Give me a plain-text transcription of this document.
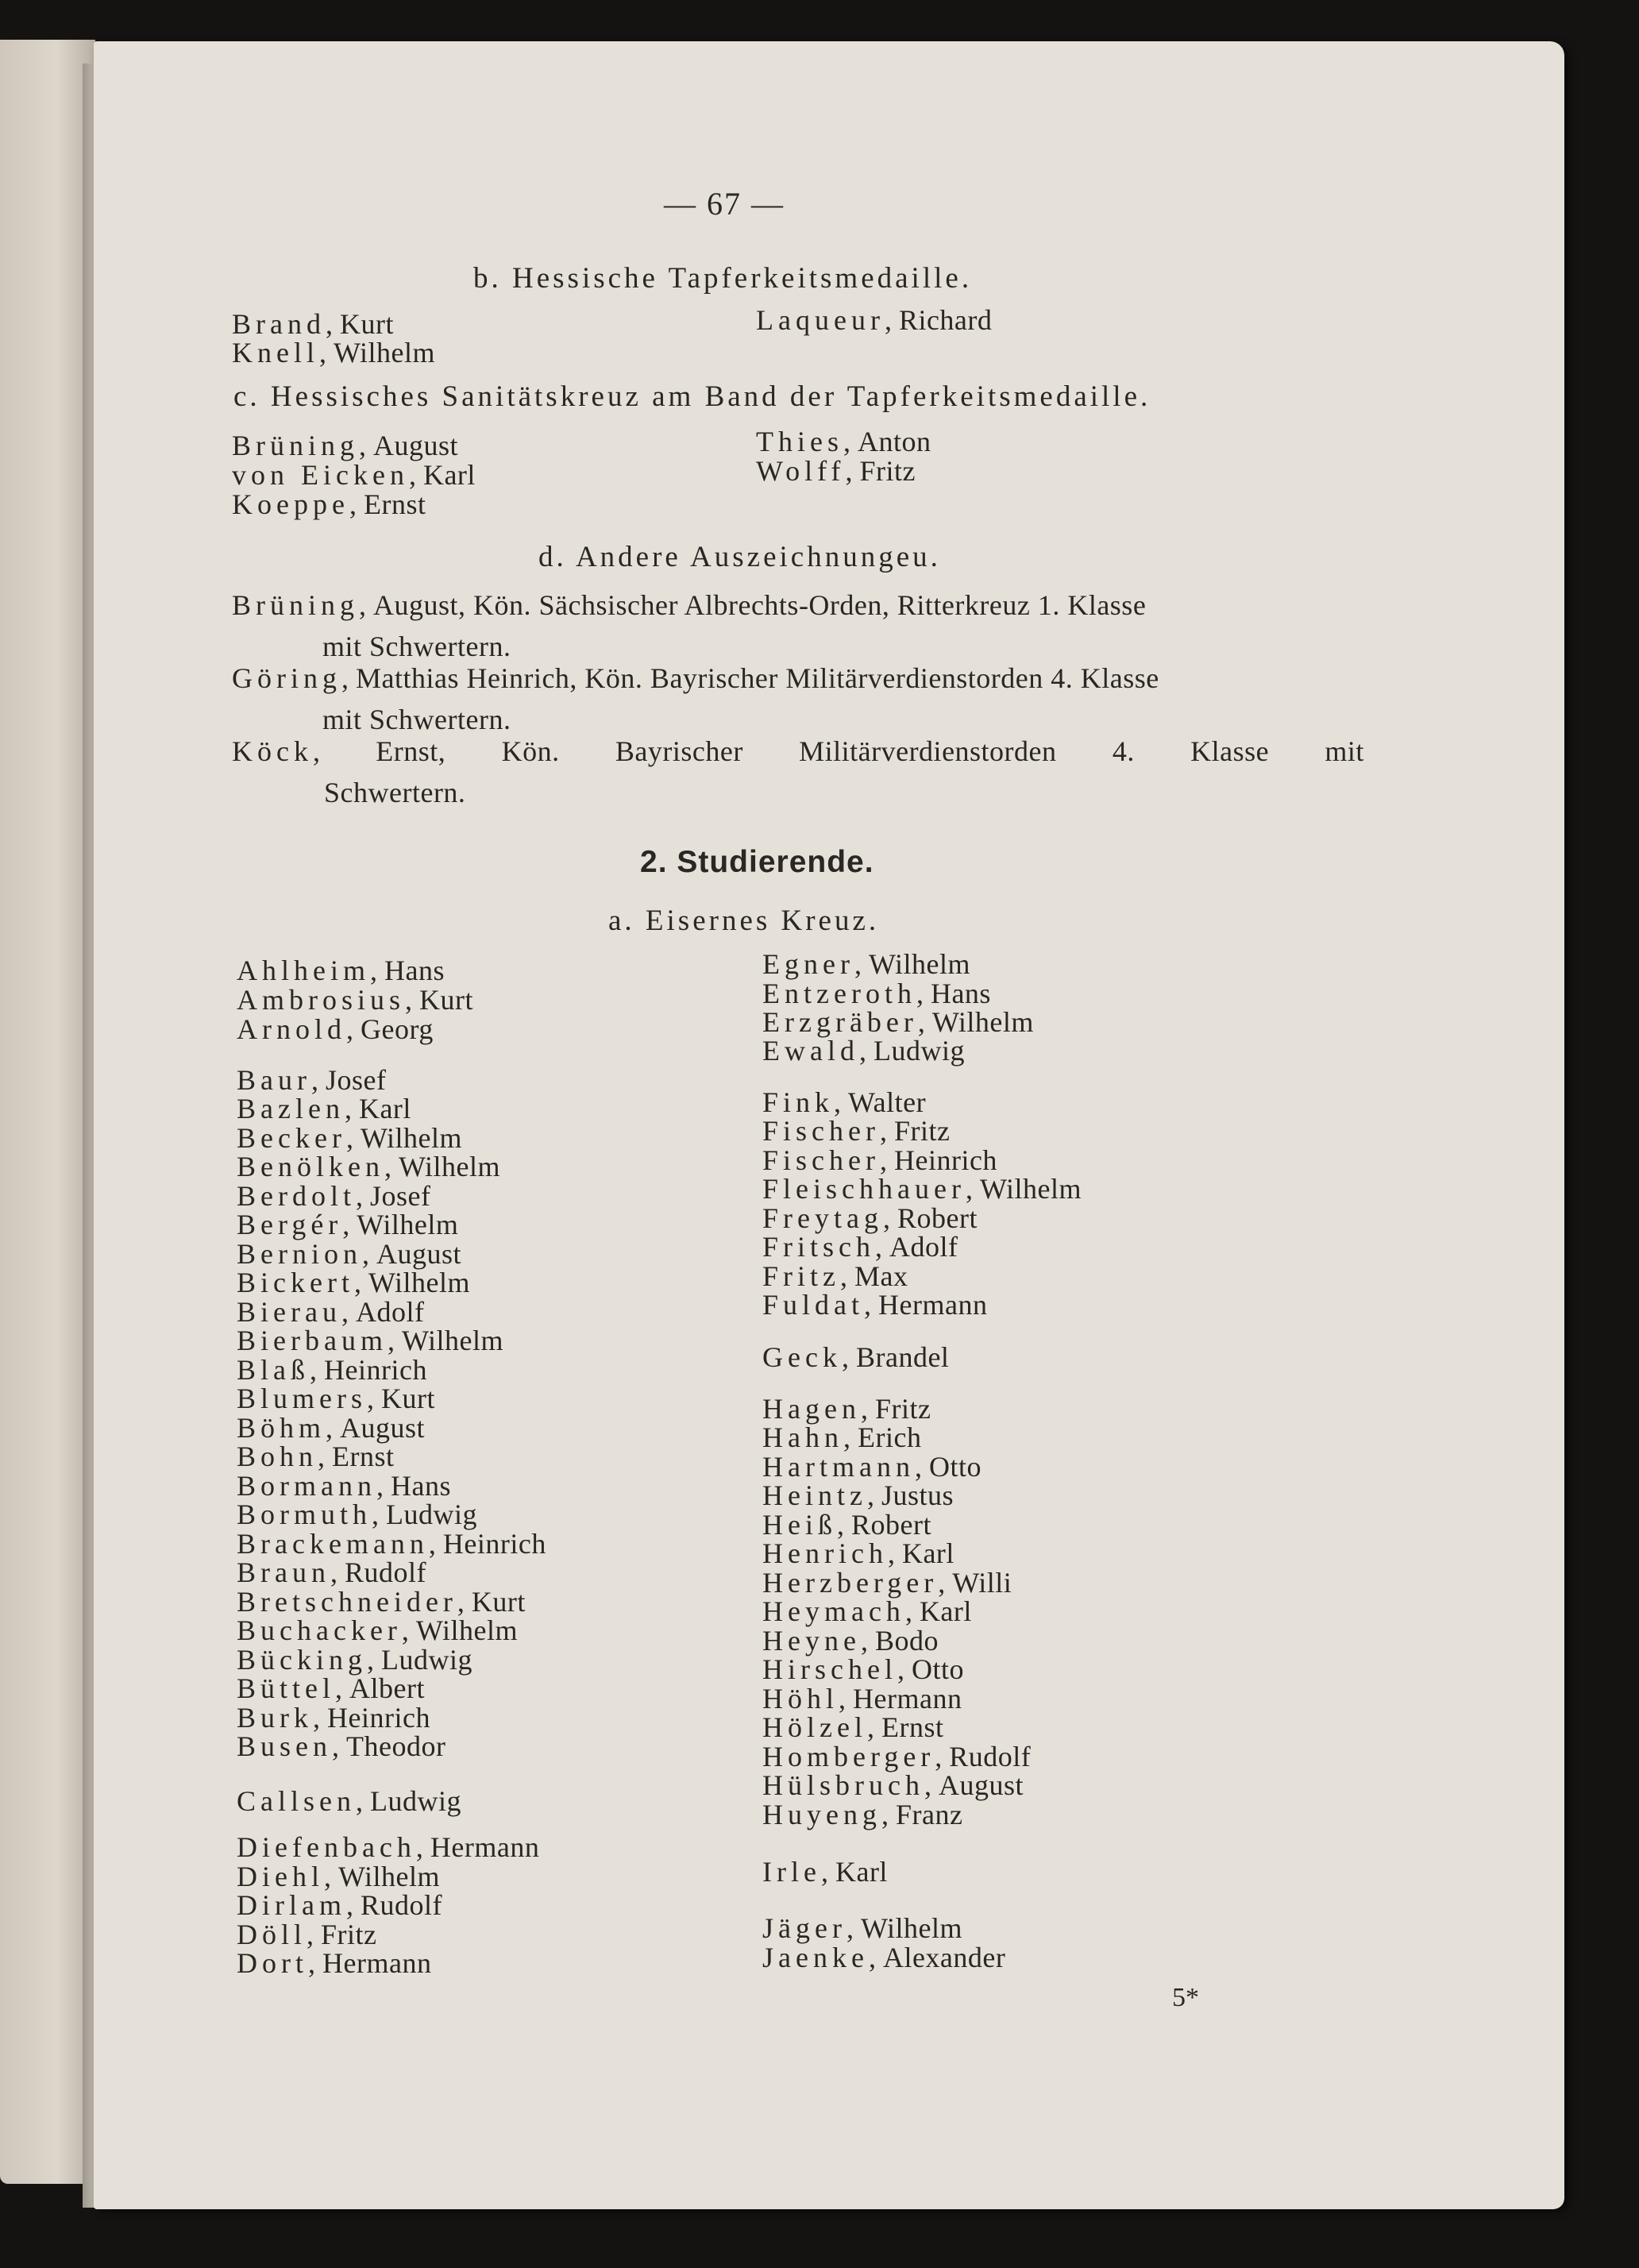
— 67 —
b. Hessische Tapferkeitsmedaille.
Brand, Kurt
Knell, Wilhelm
Laqueur, Richard
c. Hessisches Sanitätskreuz am Band der Tapferkeitsmedaille.
Brüning, August
von Eicken, Karl
Koeppe, Ernst
Thies, Anton
Wolff, Fritz
d. Andere Auszeichnungeu.
Brüning, August, Kön. Sächsischer Albrechts-Orden, Ritterkreuz 1. Klasse
mit Schwertern.
Göring, Matthias Heinrich, Kön. Bayrischer Militärverdienstorden 4. Klasse
mit Schwertern.
Köck, Ernst, Kön. Bayrischer Militärverdienstorden 4. Klasse mit
Schwertern.
2. Studierende.
a. Eisernes Kreuz.
Ahlheim, Hans
Ambrosius, Kurt
Arnold, Georg
Baur, Josef
Bazlen, Karl
Becker, Wilhelm
Benölken, Wilhelm
Berdolt, Josef
Bergér, Wilhelm
Bernion, August
Bickert, Wilhelm
Bierau, Adolf
Bierbaum, Wilhelm
Blaß, Heinrich
Blumers, Kurt
Böhm, August
Bohn, Ernst
Bormann, Hans
Bormuth, Ludwig
Brackemann, Heinrich
Braun, Rudolf
Bretschneider, Kurt
Buchacker, Wilhelm
Bücking, Ludwig
Büttel, Albert
Burk, Heinrich
Busen, Theodor
Callsen, Ludwig
Diefenbach, Hermann
Diehl, Wilhelm
Dirlam, Rudolf
Döll, Fritz
Dort, Hermann
Egner, Wilhelm
Entzeroth, Hans
Erzgräber, Wilhelm
Ewald, Ludwig
Fink, Walter
Fischer, Fritz
Fischer, Heinrich
Fleischhauer, Wilhelm
Freytag, Robert
Fritsch, Adolf
Fritz, Max
Fuldat, Hermann
Geck, Brandel
Hagen, Fritz
Hahn, Erich
Hartmann, Otto
Heintz, Justus
Heiß, Robert
Henrich, Karl
Herzberger, Willi
Heymach, Karl
Heyne, Bodo
Hirschel, Otto
Höhl, Hermann
Hölzel, Ernst
Homberger, Rudolf
Hülsbruch, August
Huyeng, Franz
Irle, Karl
Jäger, Wilhelm
Jaenke, Alexander
5*
